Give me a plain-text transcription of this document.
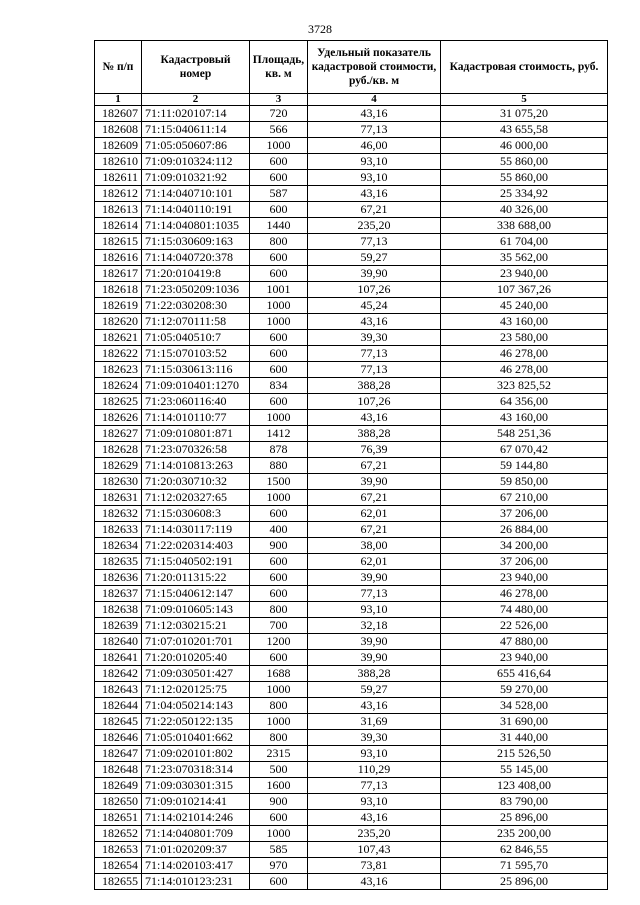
3728
№ п/п	Кадастровый номер	Площадь, кв. м	Удельный показатель кадастровой стоимости, руб./кв. м	Кадастровая стоимость, руб.
1	2	3	4	5
182607	71:11:020107:14	720	43,16	31 075,20
182608	71:15:040611:14	566	77,13	43 655,58
182609	71:05:050607:86	1000	46,00	46 000,00
182610	71:09:010324:112	600	93,10	55 860,00
182611	71:09:010321:92	600	93,10	55 860,00
182612	71:14:040710:101	587	43,16	25 334,92
182613	71:14:040110:191	600	67,21	40 326,00
182614	71:14:040801:1035	1440	235,20	338 688,00
182615	71:15:030609:163	800	77,13	61 704,00
182616	71:14:040720:378	600	59,27	35 562,00
182617	71:20:010419:8	600	39,90	23 940,00
182618	71:23:050209:1036	1001	107,26	107 367,26
182619	71:22:030208:30	1000	45,24	45 240,00
182620	71:12:070111:58	1000	43,16	43 160,00
182621	71:05:040510:7	600	39,30	23 580,00
182622	71:15:070103:52	600	77,13	46 278,00
182623	71:15:030613:116	600	77,13	46 278,00
182624	71:09:010401:1270	834	388,28	323 825,52
182625	71:23:060116:40	600	107,26	64 356,00
182626	71:14:010110:77	1000	43,16	43 160,00
182627	71:09:010801:871	1412	388,28	548 251,36
182628	71:23:070326:58	878	76,39	67 070,42
182629	71:14:010813:263	880	67,21	59 144,80
182630	71:20:030710:32	1500	39,90	59 850,00
182631	71:12:020327:65	1000	67,21	67 210,00
182632	71:15:030608:3	600	62,01	37 206,00
182633	71:14:030117:119	400	67,21	26 884,00
182634	71:22:020314:403	900	38,00	34 200,00
182635	71:15:040502:191	600	62,01	37 206,00
182636	71:20:011315:22	600	39,90	23 940,00
182637	71:15:040612:147	600	77,13	46 278,00
182638	71:09:010605:143	800	93,10	74 480,00
182639	71:12:030215:21	700	32,18	22 526,00
182640	71:07:010201:701	1200	39,90	47 880,00
182641	71:20:010205:40	600	39,90	23 940,00
182642	71:09:030501:427	1688	388,28	655 416,64
182643	71:12:020125:75	1000	59,27	59 270,00
182644	71:04:050214:143	800	43,16	34 528,00
182645	71:22:050122:135	1000	31,69	31 690,00
182646	71:05:010401:662	800	39,30	31 440,00
182647	71:09:020101:802	2315	93,10	215 526,50
182648	71:23:070318:314	500	110,29	55 145,00
182649	71:09:030301:315	1600	77,13	123 408,00
182650	71:09:010214:41	900	93,10	83 790,00
182651	71:14:021014:246	600	43,16	25 896,00
182652	71:14:040801:709	1000	235,20	235 200,00
182653	71:01:020209:37	585	107,43	62 846,55
182654	71:14:020103:417	970	73,81	71 595,70
182655	71:14:010123:231	600	43,16	25 896,00
